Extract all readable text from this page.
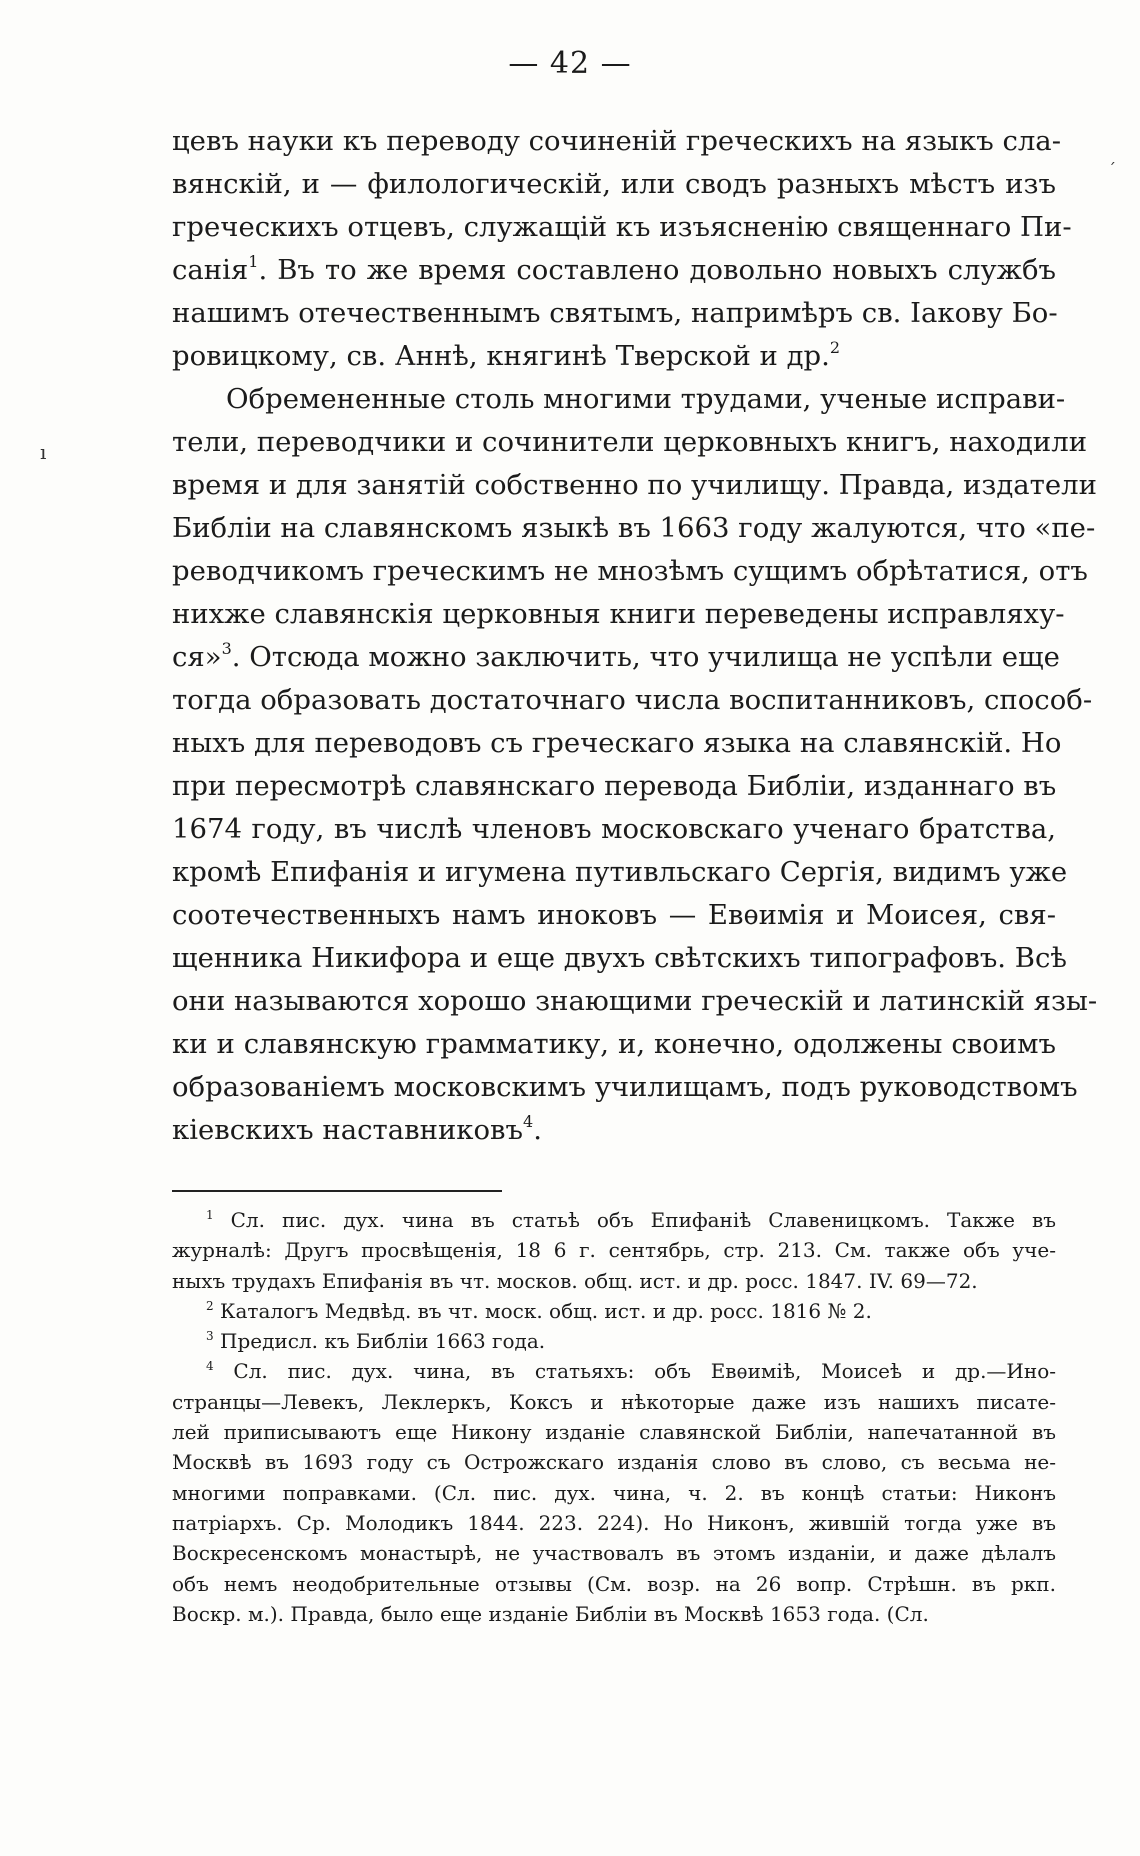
— 42 —
цевъ науки къ переводу сочиненій греческихъ на языкъ сла-
вянскій, и — филологическій, или сводъ разныхъ мѣстъ изъ
греческихъ отцевъ, служащій къ изъясненію священнаго Пи-
санія$^1$. Въ то же время составлено довольно новыхъ службъ
нашимъ отечественнымъ святымъ, напримѣръ св. Іакову Бо-
ровицкому, св. Аннѣ, княгинѣ Тверской и др.$^2$
Обремененные столь многими трудами, ученые исправи-
тели, переводчики и сочинители церковныхъ книгъ, находили
время и для занятій собственно по училищу. Правда, издатели
Библіи на славянскомъ языкѣ въ 1663 году жалуются, что «пе-
реводчикомъ греческимъ не мнозѣмъ сущимъ обрѣтатися, отъ
нихже славянскія церковныя книги переведены исправляху-
ся»$^3$. Отсюда можно заключить, что училища не успѣли еще
тогда образовать достаточнаго числа воспитанниковъ, способ-
ныхъ для переводовъ съ греческаго языка на славянскій. Но
при пересмотрѣ славянскаго перевода Библіи, изданнаго въ
1674 году, въ числѣ членовъ московскаго ученаго братства,
кромѣ Епифанія и игумена путивльскаго Сергія, видимъ уже
соотечественныхъ намъ иноковъ — Евѳимія и Моисея, свя-
щенника Никифора и еще двухъ свѣтскихъ типографовъ. Всѣ
они называются хорошо знающими греческій и латинскій язы-
ки и славянскую грамматику, и, конечно, одолжены своимъ
образованіемъ московскимъ училищамъ, подъ руководствомъ
кіевскихъ наставниковъ$^4$.
$^1$ Сл. пис. дух. чина въ статьѣ объ Епифаніѣ Славеницкомъ. Также въ
журналѣ: Другъ просвѣщенія, 18 6 г. сентябрь, стр. 213. См. также объ уче-
ныхъ трудахъ Епифанія въ чт. москов. общ. ист. и др. росс. 1847. IV. 69—72.
$^2$ Каталогъ Медвѣд. въ чт. моск. общ. ист. и др. росс. 1816 № 2.
$^3$ Предисл. къ Библіи 1663 года.
$^4$ Сл. пис. дух. чина, въ статьяхъ: объ Евѳиміѣ, Моисеѣ и др.—Ино-
странцы—Левекъ, Леклеркъ, Коксъ и нѣкоторые даже изъ нашихъ писате-
лей приписываютъ еще Никону изданіе славянской Библіи, напечатанной въ
Москвѣ въ 1693 году съ Острожскаго изданія слово въ слово, съ весьма не-
многими поправками. (Сл. пис. дух. чина, ч. 2. въ концѣ статьи: Никонъ
патріархъ. Ср. Молодикъ 1844. 223. 224). Но Никонъ, жившій тогда уже въ
Воскресенскомъ монастырѣ, не участвовалъ въ этомъ изданіи, и даже дѣлалъ
объ немъ неодобрительные отзывы (См. возр. на 26 вопр. Стрѣшн. въ ркп.
Воскр. м.). Правда, было еще изданіе Библіи въ Москвѣ 1653 года. (Сл.
ı
ˊ
